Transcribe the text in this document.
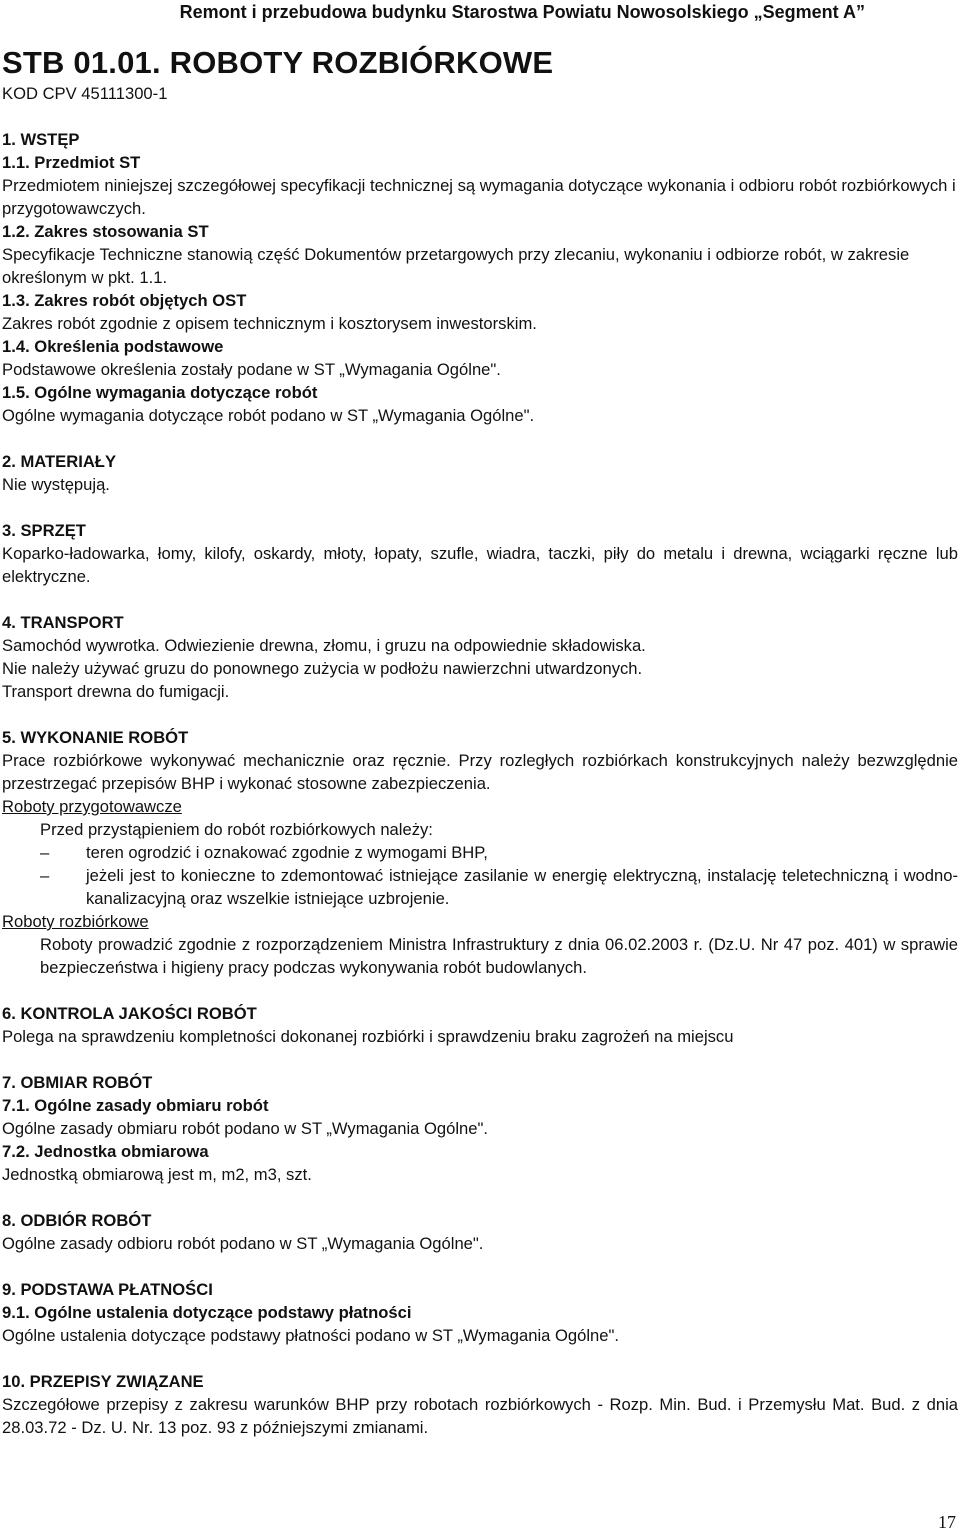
Remont i przebudowa budynku Starostwa Powiatu Nowosolskiego „Segment A”
STB 01.01. ROBOTY ROZBIÓRKOWE
KOD CPV 45111300-1
1. WSTĘP
1.1. Przedmiot ST
Przedmiotem niniejszej szczegółowej specyfikacji technicznej są wymagania dotyczące wykonania i odbioru robót rozbiórkowych i przygotowawczych.
1.2. Zakres stosowania ST
Specyfikacje Techniczne stanowią część Dokumentów przetargowych przy zlecaniu, wykonaniu i odbiorze robót, w zakresie określonym w pkt. 1.1.
1.3. Zakres robót objętych OST
Zakres robót zgodnie z opisem technicznym i kosztorysem inwestorskim.
1.4. Określenia podstawowe
Podstawowe określenia zostały podane w ST „Wymagania Ogólne".
1.5. Ogólne wymagania dotyczące robót
Ogólne wymagania dotyczące robót podano w ST „Wymagania Ogólne".
2. MATERIAŁY
Nie występują.
3. SPRZĘT
Koparko-ładowarka, łomy, kilofy, oskardy, młoty, łopaty, szufle, wiadra, taczki, piły do metalu i drewna, wciągarki ręczne lub elektryczne.
4. TRANSPORT
Samochód wywrotka. Odwiezienie drewna, złomu, i gruzu na odpowiednie składowiska.
Nie należy używać gruzu do ponownego zużycia w podłożu nawierzchni utwardzonych.
Transport drewna do fumigacji.
5. WYKONANIE ROBÓT
Prace rozbiórkowe wykonywać mechanicznie oraz ręcznie. Przy rozległych rozbiórkach konstrukcyjnych należy bezwzględnie przestrzegać przepisów BHP i wykonać stosowne zabezpieczenia.
Roboty przygotowawcze
Przed przystąpieniem do robót rozbiórkowych należy:
– teren ogrodzić i oznakować zgodnie z wymogami BHP,
– jeżeli jest to konieczne to zdemontować istniejące zasilanie w energię elektryczną, instalację teletechniczną i wodno-kanalizacyjną oraz wszelkie istniejące uzbrojenie.
Roboty rozbiórkowe
Roboty prowadzić zgodnie z rozporządzeniem Ministra Infrastruktury z dnia 06.02.2003 r. (Dz.U. Nr 47 poz. 401) w sprawie bezpieczeństwa i higieny pracy podczas wykonywania robót budowlanych.
6. KONTROLA JAKOŚCI ROBÓT
Polega na sprawdzeniu kompletności dokonanej rozbiórki i sprawdzeniu braku zagrożeń na miejscu
7. OBMIAR ROBÓT
7.1. Ogólne zasady obmiaru robót
Ogólne zasady obmiaru robót podano w ST „Wymagania Ogólne".
7.2. Jednostka obmiarowa
Jednostką obmiarową jest m, m2, m3, szt.
8. ODBIÓR ROBÓT
Ogólne zasady odbioru robót podano w ST „Wymagania Ogólne".
9. PODSTAWA PŁATNOŚCI
9.1. Ogólne ustalenia dotyczące podstawy płatności
Ogólne ustalenia dotyczące podstawy płatności podano w ST „Wymagania Ogólne".
10. PRZEPISY ZWIĄZANE
Szczegółowe przepisy z zakresu warunków BHP przy robotach rozbiórkowych - Rozp. Min. Bud. i Przemysłu Mat. Bud. z dnia 28.03.72 - Dz. U. Nr. 13 poz. 93 z późniejszymi zmianami.
17
